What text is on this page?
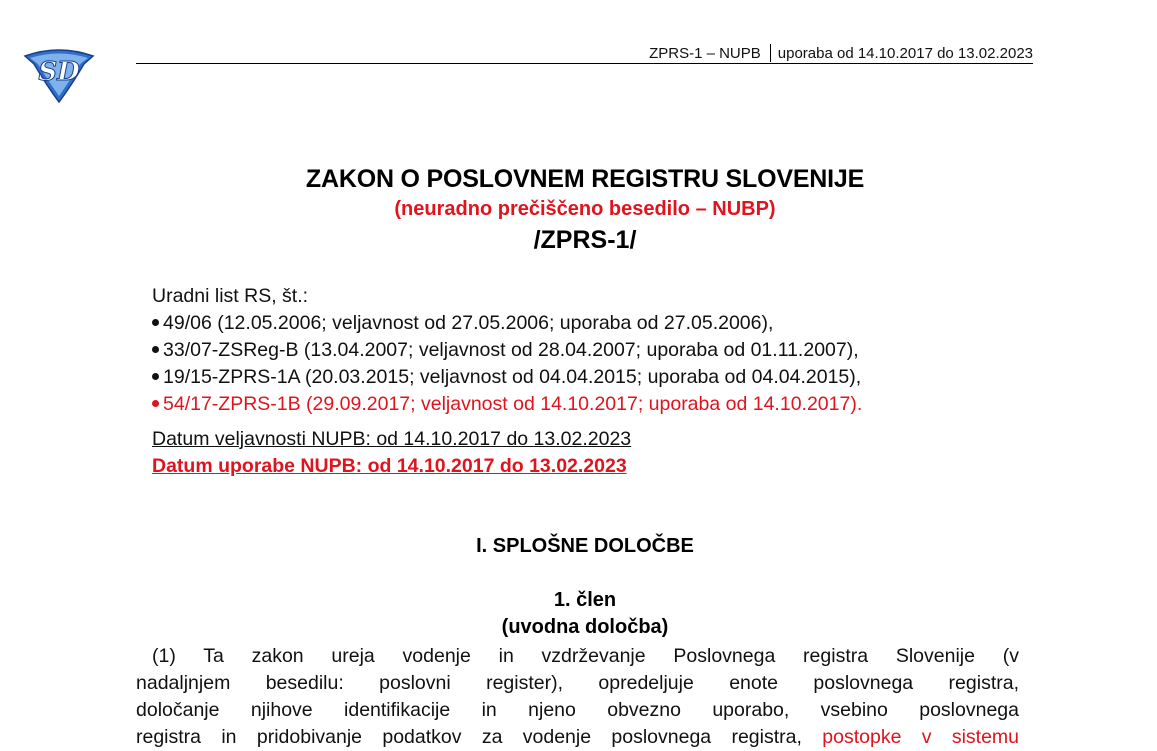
SD
ZPRS-1 – NUPB uporaba od 14.10.2017 do 13.02.2023
ZAKON O POSLOVNEM REGISTRU SLOVENIJE
(neuradno prečiščeno besedilo – NUBP)
/ZPRS-1/
Uradni list RS, št.:
49/06 (12.05.2006; veljavnost od 27.05.2006; uporaba od 27.05.2006),
33/07-ZSReg-B (13.04.2007; veljavnost od 28.04.2007; uporaba od 01.11.2007),
19/15-ZPRS-1A (20.03.2015; veljavnost od 04.04.2015; uporaba od 04.04.2015),
54/17-ZPRS-1B (29.09.2017; veljavnost od 14.10.2017; uporaba od 14.10.2017).
Datum veljavnosti NUPB: od 14.10.2017 do 13.02.2023
Datum uporabe NUPB: od 14.10.2017 do 13.02.2023
I. SPLOŠNE DOLOČBE
1. člen
(uvodna določba)
(1) Ta zakon ureja vodenje in vzdrževanje Poslovnega registra Slovenije (v
nadaljnjem besedilu: poslovni register), opredeljuje enote poslovnega registra,
določanje njihove identifikacije in njeno obvezno uporabo, vsebino poslovnega
registra in pridobivanje podatkov za vodenje poslovnega registra, postopke v sistemu
